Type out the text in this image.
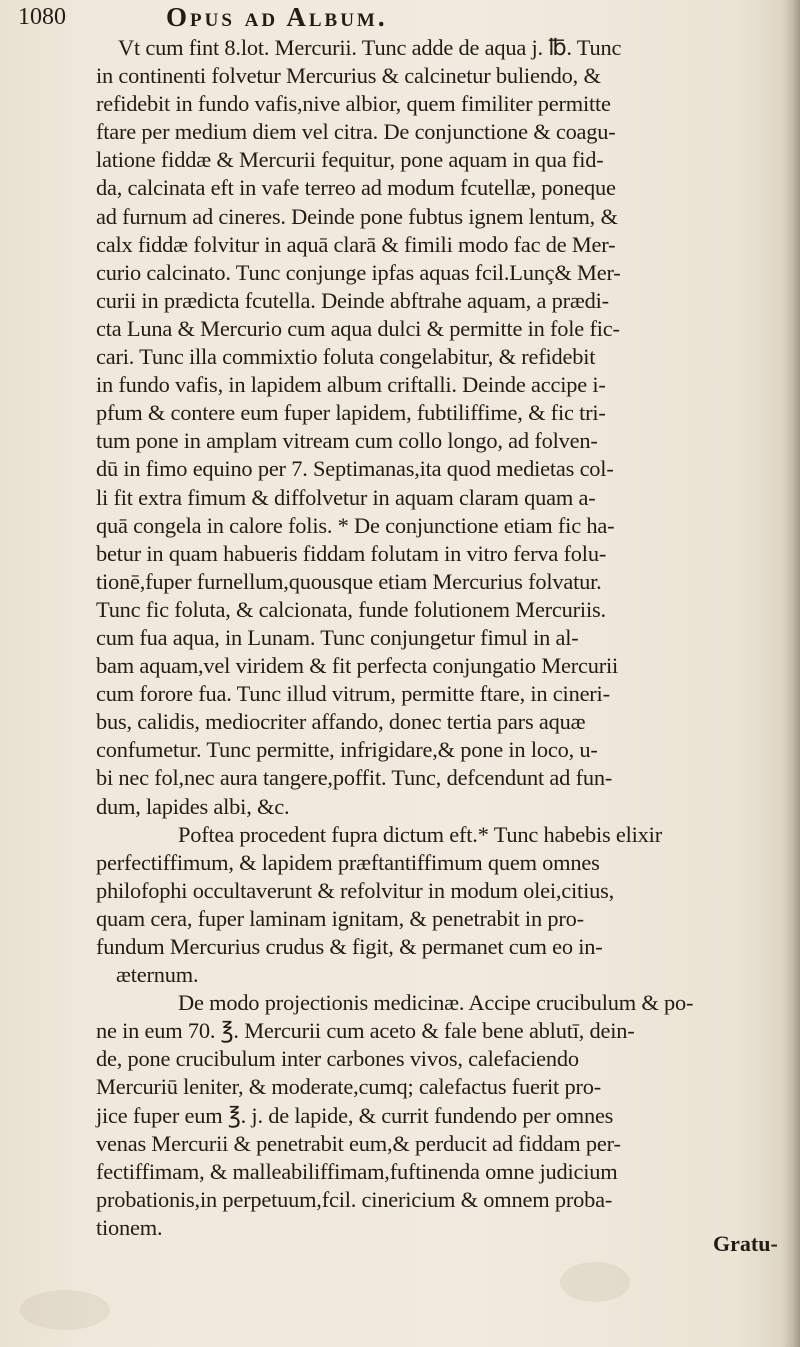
1080	Opus ad Album.
Vt cum fint 8.lot. Mercurii. Tunc adde de aqua j. ℔. Tunc
in continenti folvetur Mercurius & calcinetur buliendo, &
refidebit in fundo vafis,nive albior, quem fimiliter permitte
ftare per medium diem vel citra. De conjunctione & coagu-
latione fiddæ & Mercurii fequitur, pone aquam in qua fid-
da, calcinata eft in vafe terreo ad modum fcutellæ, poneque
ad furnum ad cineres. Deinde pone fubtus ignem lentum, &
calx fiddæ folvitur in aquā clarā & fimili modo fac de Mer-
curio calcinato. Tunc conjunge ipfas aquas fcil.Lunç& Mer-
curii in prædicta fcutella. Deinde abftrahe aquam, a prædi-
cta Luna & Mercurio cum aqua dulci & permitte in fole fic-
cari. Tunc illa commixtio foluta congelabitur, & refidebit
in fundo vafis, in lapidem album criftalli. Deinde accipe i-
pfum & contere eum fuper lapidem, fubtiliffime, & fic tri-
tum pone in amplam vitream cum collo longo, ad folven-
dū in fimo equino per 7. Septimanas,ita quod medietas col-
li fit extra fimum & diffolvetur in aquam claram quam a-
quā congela in calore folis. * De conjunctione etiam fic ha-
betur in quam habueris fiddam folutam in vitro ferva folu-
tionē,fuper furnellum,quousque etiam Mercurius folvatur.
Tunc fic foluta, & calcionata, funde folutionem Mercuriis.
cum fua aqua, in Lunam. Tunc conjungetur fimul in al-
bam aquam,vel viridem & fit perfecta conjungatio Mercurii
cum forore fua. Tunc illud vitrum, permitte ftare, in cineri-
bus, calidis, mediocriter affando, donec tertia pars aquæ
confumetur. Tunc permitte, infrigidare,& pone in loco, u-
bi nec fol,nec aura tangere,poffit. Tunc, defcendunt ad fun-
dum, lapides albi, &c.
Poftea procedent fupra dictum eft.* Tunc habebis elixir
perfectiffimum, & lapidem præftantiffimum quem omnes
philofophi occultaverunt & refolvitur in modum olei,citius,
quam cera, fuper laminam ignitam, & penetrabit in pro-
fundum Mercurius crudus & figit, & permanet cum eo in-
æternum.
De modo projectionis medicinæ. Accipe crucibulum & po-
ne in eum 70. ℥. Mercurii cum aceto & fale bene ablutī, dein-
de, pone crucibulum inter carbones vivos, calefaciendo
Mercuriū leniter, & moderate,cumq; calefactus fuerit pro-
jice fuper eum ℥. j. de lapide, & currit fundendo per omnes
venas Mercurii & penetrabit eum,& perducit ad fiddam per-
fectiffimam, & malleabiliffimam,fuftinenda omne judicium
probationis,in perpetuum,fcil. cinericium & omnem proba-
tionem.
Gratu-
